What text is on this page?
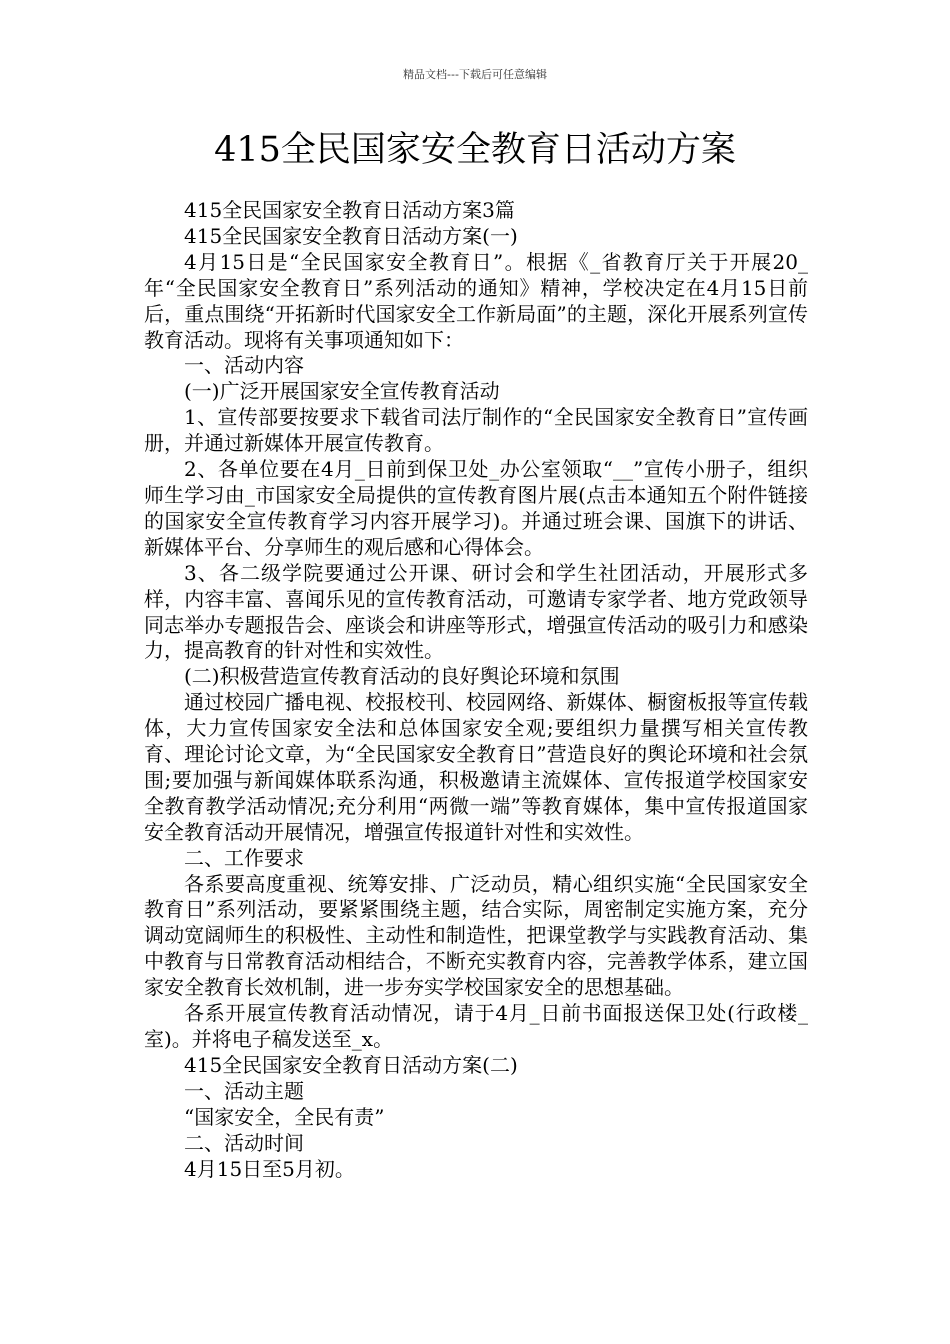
精品文档---下载后可任意编辑
415全民国家安全教育日活动方案

415全民国家安全教育日活动方案3篇

415全民国家安全教育日活动方案(一)

4月15日是“全民国家安全教育日”。根据《_省教育厅关于开展20_年“全民国家安全教育日”系列活动的通知》精神，学校决定在4月15日前后，重点围绕“开拓新时代国家安全工作新局面”的主题，深化开展系列宣传教育活动。现将有关事项通知如下：

一、活动内容

(一)广泛开展国家安全宣传教育活动

1、宣传部要按要求下载省司法厅制作的“全民国家安全教育日”宣传画册，并通过新媒体开展宣传教育。

2、各单位要在4月_日前到保卫处_办公室领取“__”宣传小册子，组织师生学习由_市国家安全局提供的宣传教育图片展(点击本通知五个附件链接的国家安全宣传教育学习内容开展学习)。并通过班会课、国旗下的讲话、新媒体平台、分享师生的观后感和心得体会。

3、各二级学院要通过公开课、研讨会和学生社团活动，开展形式多样，内容丰富、喜闻乐见的宣传教育活动，可邀请专家学者、地方党政领导同志举办专题报告会、座谈会和讲座等形式，增强宣传活动的吸引力和感染力，提高教育的针对性和实效性。

(二)积极营造宣传教育活动的良好舆论环境和氛围

通过校园广播电视、校报校刊、校园网络、新媒体、橱窗板报等宣传载体，大力宣传国家安全法和总体国家安全观;要组织力量撰写相关宣传教育、理论讨论文章，为“全民国家安全教育日”营造良好的舆论环境和社会氛围;要加强与新闻媒体联系沟通，积极邀请主流媒体、宣传报道学校国家安全教育教学活动情况;充分利用“两微一端”等教育媒体，集中宣传报道国家安全教育活动开展情况，增强宣传报道针对性和实效性。

二、工作要求

各系要高度重视、统筹安排、广泛动员，精心组织实施“全民国家安全教育日”系列活动，要紧紧围绕主题，结合实际，周密制定实施方案，充分调动宽阔师生的积极性、主动性和制造性，把课堂教学与实践教育活动、集中教育与日常教育活动相结合，不断充实教育内容，完善教学体系，建立国家安全教育长效机制，进一步夯实学校国家安全的思想基础。

各系开展宣传教育活动情况，请于4月_日前书面报送保卫处(行政楼_室)。并将电子稿发送至_x。

415全民国家安全教育日活动方案(二)

一、活动主题

“国家安全，全民有责”

二、活动时间

4月15日至5月初。
